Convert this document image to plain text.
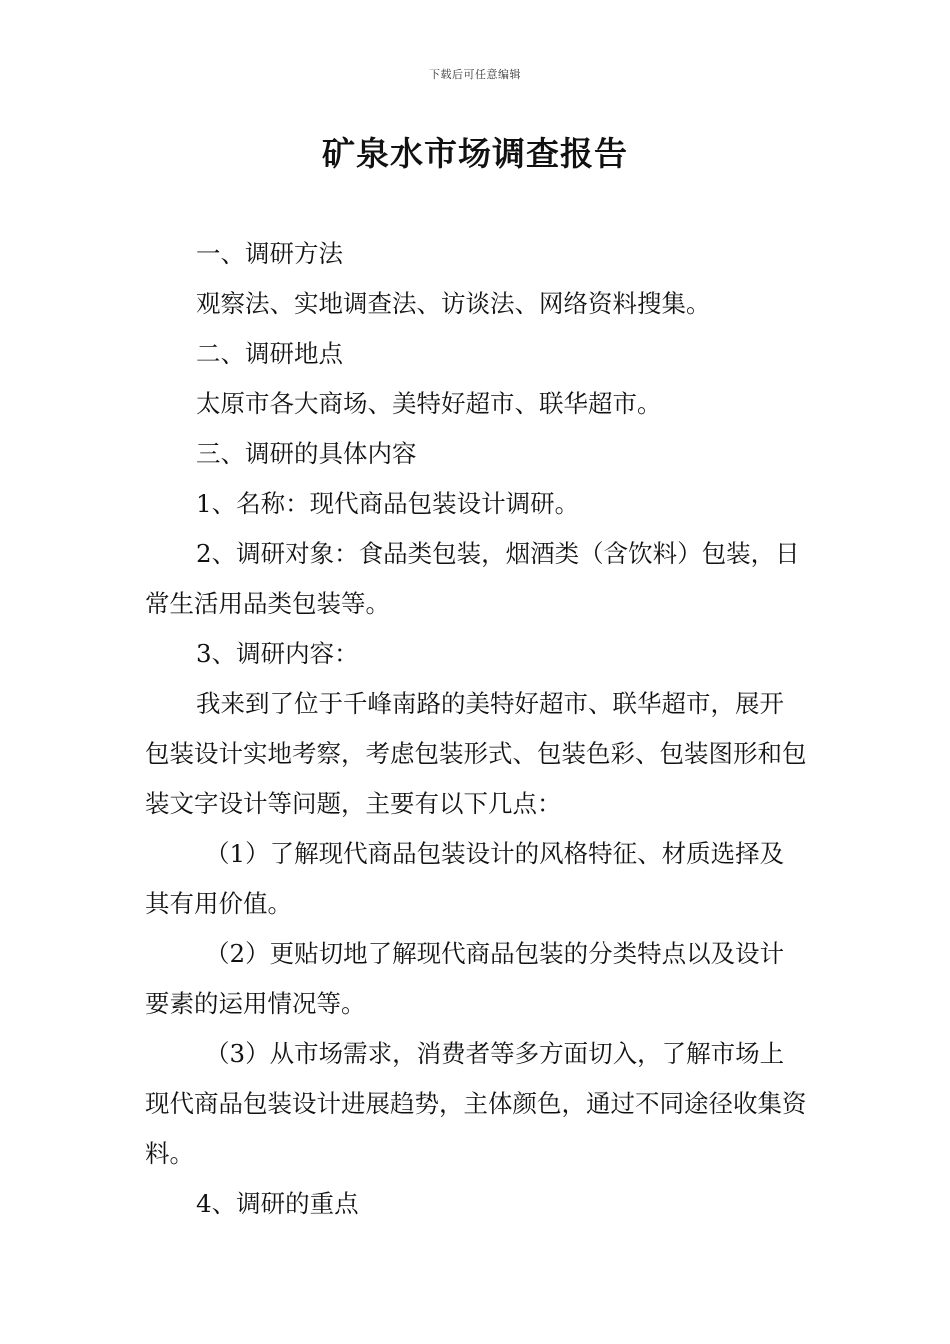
下载后可任意编辑
矿泉水市场调查报告

一、调研方法

观察法、实地调查法、访谈法、网络资料搜集。

二、调研地点

太原市各大商场、美特好超市、联华超市。

三、调研的具体内容

1、名称：现代商品包装设计调研。

2、调研对象：食品类包装，烟酒类（含饮料）包装，日常生活用品类包装等。

3、调研内容：

我来到了位于千峰南路的美特好超市、联华超市，展开包装设计实地考察，考虑包装形式、包装色彩、包装图形和包装文字设计等问题，主要有以下几点：

（1）了解现代商品包装设计的风格特征、材质选择及其有用价值。

（2）更贴切地了解现代商品包装的分类特点以及设计要素的运用情况等。

（3）从市场需求，消费者等多方面切入，了解市场上现代商品包装设计进展趋势，主体颜色，通过不同途径收集资料。

4、调研的重点
